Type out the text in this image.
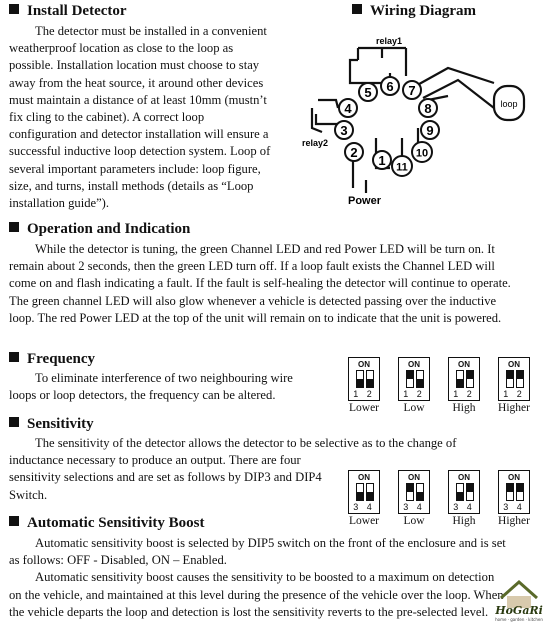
Install Detector
The detector must be installed in a convenient
weatherproof location as close to the loop as
possible. Installation location must choose to stay
away from the heat source, it around other devices
must maintain a distance of at least 10mm (mustn’t
fix cling to the cabinet). A correct loop
configuration and detector installation will ensure a
successful inductive loop detection system. Loop of
several important parameters include: loop figure,
size, and turns, install methods (details as “Loop
installation guide”).
Wiring Diagram
loop
relay1
relay2
Power
1
2
3
4
5 6 7
8
9
10
11
Operation and Indication
While the detector is tuning, the green Channel LED and red Power LED will be turn on. It
remain about 2 seconds, then the green LED turn off. If a loop fault exists the Channel LED will
come on and flash indicating a fault. If the fault is self-healing the detector will continue to operate.
The green channel LED will also glow whenever a vehicle is detected passing over the inductive
loop. The red Power LED at the top of the unit will remain on to indicate that the unit is powered.
Frequency
To eliminate interference of two neighbouring wire
loops or loop detectors, the frequency can be altered.
ON
1 2
Lower
ON
1 2
Low
ON
1 2
High
ON
1 2
Higher
Sensitivity
The sensitivity of the detector allows the detector to be selective as to the change of
inductance necessary to produce an output. There are four
sensitivity selections and are set as follows by DIP3 and DIP4
Switch.
ON
3 4
Lower
ON
3 4
Low
ON
3 4
High
ON
3 4
Higher
Automatic Sensitivity Boost
Automatic sensitivity boost is selected by DIP5 switch on the front of the enclosure and is set
as follows: OFF - Disabled, ON – Enabled.
Automatic sensitivity boost causes the sensitivity to be boosted to a maximum on detection
on the vehicle, and maintained at this level during the presence of the vehicle over the loop. When
the vehicle departs the loop and detection is lost the sensitivity reverts to the pre-selected level. HoGaRi
home · garden · kitchen
